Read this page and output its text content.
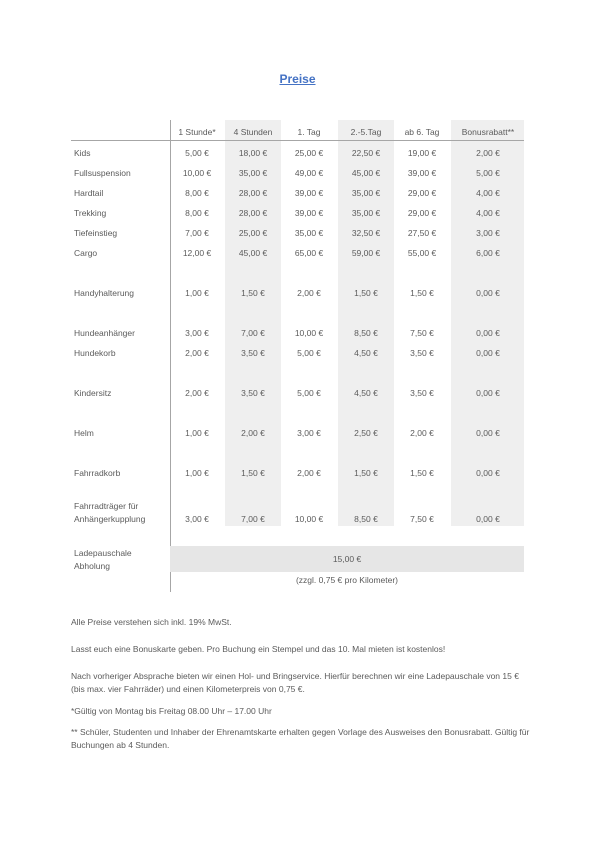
Preise
1 Stunde*	4 Stunden	1. Tag	2.-5.Tag	ab 6. Tag	Bonusrabatt**
Kids	5,00 €	18,00 €	25,00 €	22,50 €	19,00 €	2,00 €
Fullsuspension	10,00 €	35,00 €	49,00 €	45,00 €	39,00 €	5,00 €
Hardtail	8,00 €	28,00 €	39,00 €	35,00 €	29,00 €	4,00 €
Trekking	8,00 €	28,00 €	39,00 €	35,00 €	29,00 €	4,00 €
Tiefeinstieg	7,00 €	25,00 €	35,00 €	32,50 €	27,50 €	3,00 €
Cargo	12,00 €	45,00 €	65,00 €	59,00 €	55,00 €	6,00 €
Handyhalterung	1,00 €	1,50 €	2,00 €	1,50 €	1,50 €	0,00 €
Hundeanhänger	3,00 €	7,00 €	10,00 €	8,50 €	7,50 €	0,00 €
Hundekorb	2,00 €	3,50 €	5,00 €	4,50 €	3,50 €	0,00 €
Kindersitz	2,00 €	3,50 €	5,00 €	4,50 €	3,50 €	0,00 €
Helm	1,00 €	2,00 €	3,00 €	2,50 €	2,00 €	0,00 €
Fahrradkorb	1,00 €	1,50 €	2,00 €	1,50 €	1,50 €	0,00 €
Fahrradträger für
Anhängerkupplung	3,00 €	7,00 €	10,00 €	8,50 €	7,50 €	0,00 €
Ladepauschale
Abholung
15,00 €
(zzgl. 0,75 € pro Kilometer)

Alle Preise verstehen sich inkl. 19% MwSt.

Lasst euch eine Bonuskarte geben. Pro Buchung ein Stempel und das 10. Mal mieten ist kostenlos!

Nach vorheriger Absprache bieten wir einen Hol- und Bringservice. Hierfür berechnen wir eine Ladepauschale von 15 € (bis max. vier Fahrräder) und einen Kilometerpreis von 0,75 €.

*Gültig von Montag bis Freitag 08.00 Uhr – 17.00 Uhr

** Schüler, Studenten und Inhaber der Ehrenamtskarte erhalten gegen Vorlage des Ausweises den Bonusrabatt. Gültig für Buchungen ab 4 Stunden.
